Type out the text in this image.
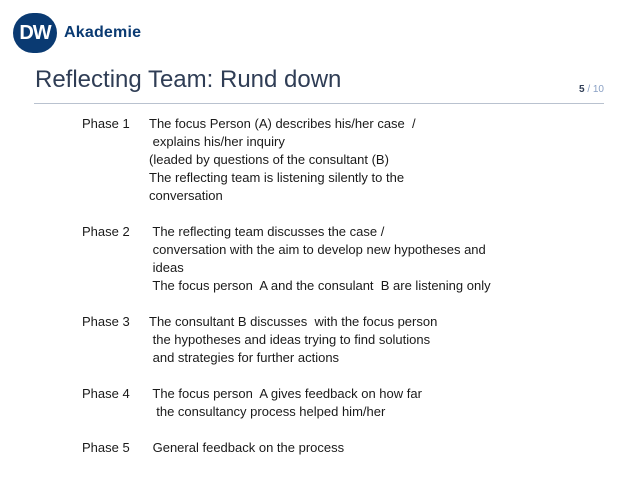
DW Akademie
Reflecting Team: Rund down	5 / 10
Phase 1	The focus Person (A) describes his/her case  /
explains his/her inquiry
(leaded by questions of the consultant (B)
The reflecting team is listening silently to the
conversation
Phase 2	The reflecting team discusses the case /
conversation with the aim to develop new hypotheses and
ideas
The focus person  A and the consulant  B are listening only
Phase 3	The consultant B discusses  with the focus person
the hypotheses and ideas trying to find solutions
and strategies for further actions
Phase 4	The focus person  A gives feedback on how far
the consultancy process helped him/her
Phase 5	General feedback on the process
